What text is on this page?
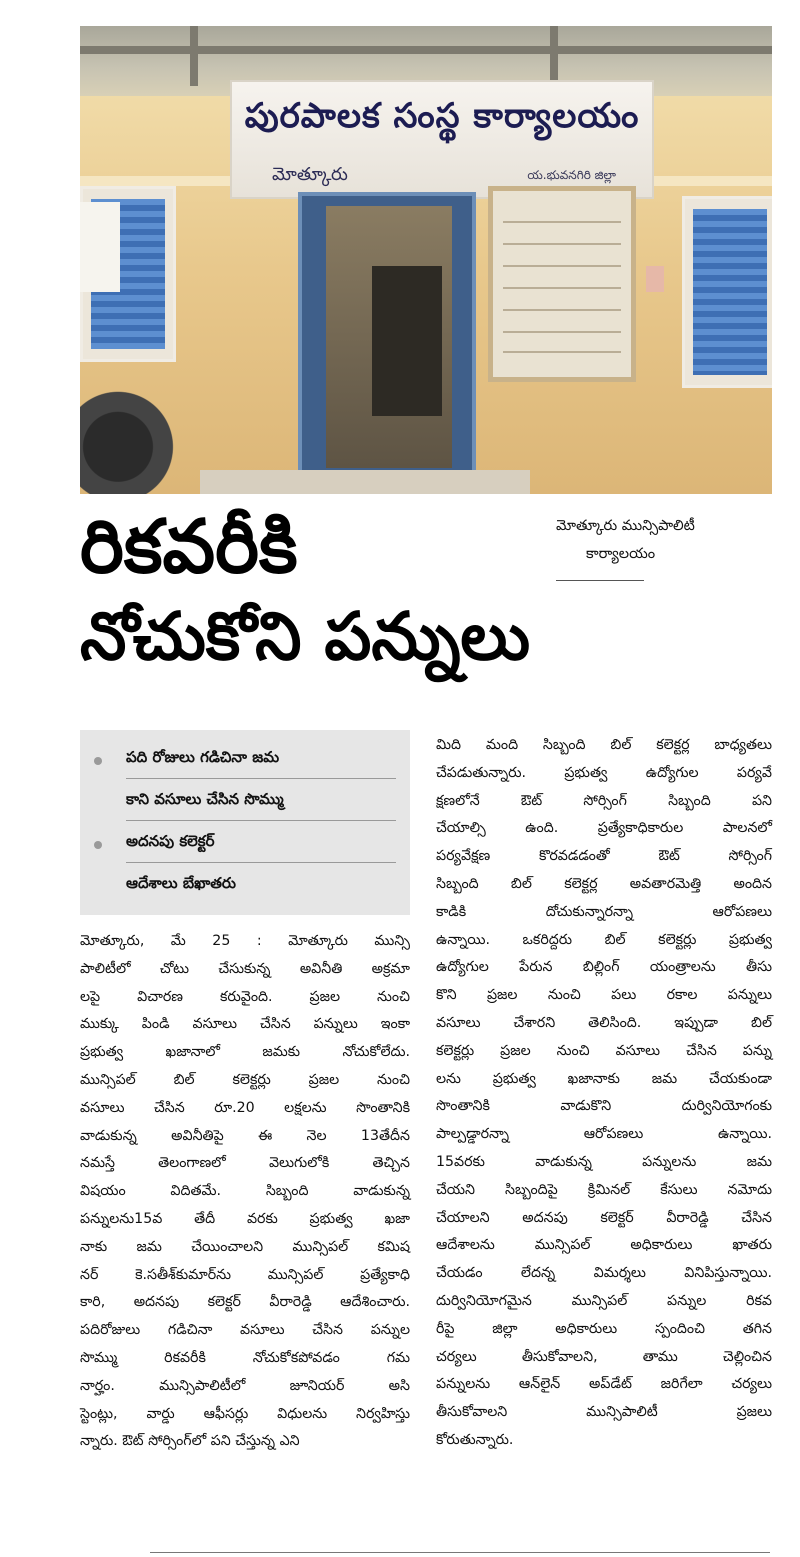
పురపాలక సంస్థ కార్యాలయం
మోత్కూరు	య.భువనగిరి జిల్లా
రికవరీకి
నోచుకోని పన్నులు
మోత్కూరు మున్సిపాలిటీ
కార్యాలయం
పది రోజులు గడిచినా జమ
కాని వసూలు చేసిన సొమ్ము
అదనపు కలెక్టర్
ఆదేశాలు బేఖాతరు
మోత్కూరు, మే 25 : మోత్కూరు మున్సి
పాలిటీలో చోటు చేసుకున్న అవినీతి అక్రమా
లపై విచారణ కరువైంది. ప్రజల నుంచి
ముక్కు పిండి వసూలు చేసిన పన్నులు ఇంకా
ప్రభుత్వ ఖజానాలో జమకు నోచుకోలేదు.
మున్సిపల్ బిల్ కలెక్టర్లు ప్రజల నుంచి
వసూలు చేసిన రూ.20 లక్షలను సొంతానికి
వాడుకున్న అవినీతిపై ఈ నెల 13తేదీన
నమస్తే తెలంగాణలో వెలుగులోకి తెచ్చిన
విషయం విదితమే. సిబ్బంది వాడుకున్న
పన్నులను15వ తేదీ వరకు ప్రభుత్వ ఖజా
నాకు జమ చేయించాలని మున్సిపల్ కమిష
నర్ కె.సతీశ్‌కుమార్‌ను మున్సిపల్ ప్రత్యేకాధి
కారి, అదనపు కలెక్టర్ వీరారెడ్డి ఆదేశించారు.
పదిరోజులు గడిచినా వసూలు చేసిన పన్నుల
సొమ్ము రికవరీకి నోచుకోకపోవడం గమ
నార్హం. మున్సిపాలిటీలో జూనియర్ అసి
స్టెంట్లు, వార్డు ఆఫీసర్లు విధులను నిర్వహిస్తు
న్నారు. ఔట్ సోర్సింగ్‌లో పని చేస్తున్న ఎని
మిది మంది సిబ్బంది బిల్ కలెక్టర్ల బాధ్యతలు
చేపడుతున్నారు. ప్రభుత్వ ఉద్యోగుల పర్యవే
క్షణలోనే ఔట్ సోర్సింగ్ సిబ్బంది పని
చేయాల్సి ఉంది. ప్రత్యేకాధికారుల పాలనలో
పర్యవేక్షణ కొరవడడంతో ఔట్ సోర్సింగ్
సిబ్బంది బిల్ కలెక్టర్ల అవతారమెత్తి అందిన
కాడికి దోచుకున్నారన్నా ఆరోపణలు
ఉన్నాయి. ఒకరిద్దరు బిల్ కలెక్టర్లు ప్రభుత్వ
ఉద్యోగుల పేరున బిల్లింగ్ యంత్రాలను తీసు
కొని ప్రజల నుంచి పలు రకాల పన్నులు
వసూలు చేశారని తెలిసింది. ఇప్పుడా బిల్
కలెక్టర్లు ప్రజల నుంచి వసూలు చేసిన పన్ను
లను ప్రభుత్వ ఖజానాకు జమ చేయకుండా
సొంతానికి వాడుకొని దుర్వినియోగంకు
పాల్పడ్డారన్నా ఆరోపణలు ఉన్నాయి.
15వరకు వాడుకున్న పన్నులను జమ
చేయని సిబ్బందిపై క్రిమినల్ కేసులు నమోదు
చేయాలని అదనపు కలెక్టర్ వీరారెడ్డి చేసిన
ఆదేశాలను మున్సిపల్ అధికారులు ఖాతరు
చేయడం లేదన్న విమర్శలు వినిపిస్తున్నాయి.
దుర్వినియోగమైన మున్సిపల్ పన్నుల రికవ
రీపై జిల్లా అధికారులు స్పందించి తగిన
చర్యలు తీసుకోవాలని, తాము చెల్లించిన
పన్నులను ఆన్‌లైన్ అప్‌డేట్ జరిగేలా చర్యలు
తీసుకోవాలని మున్సిపాలిటీ ప్రజలు
కోరుతున్నారు.
